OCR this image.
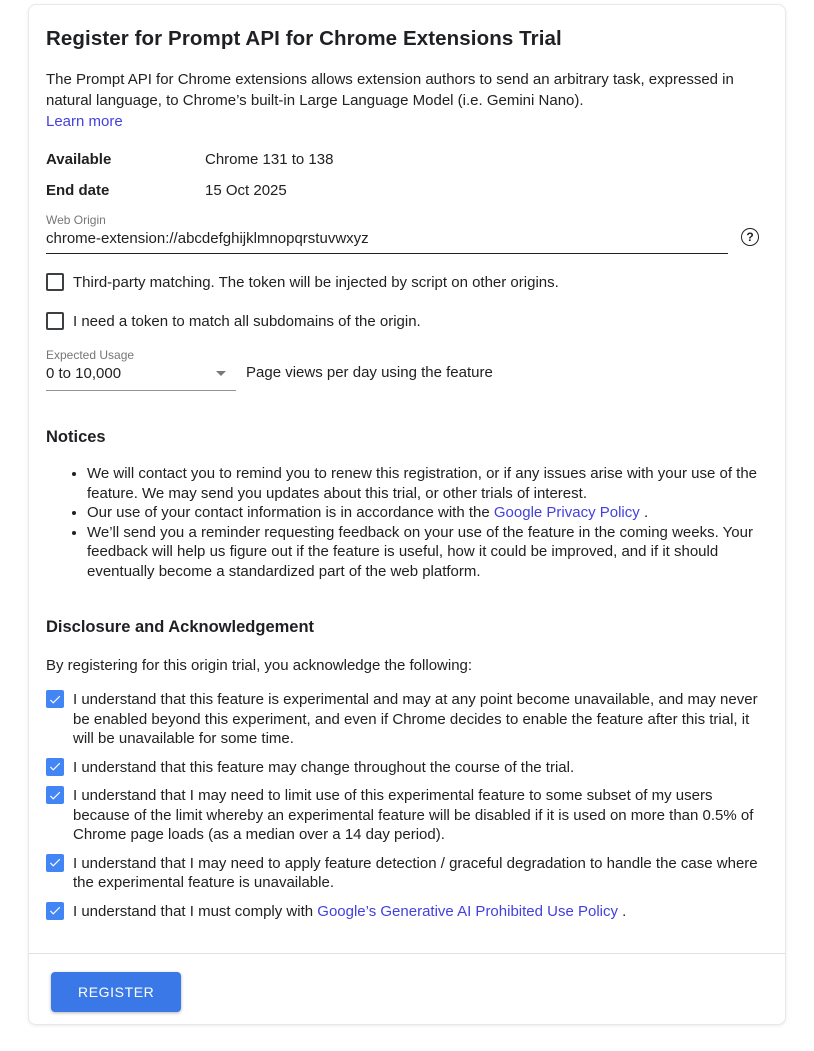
Register for Prompt API for Chrome Extensions Trial

The Prompt API for Chrome extensions allows extension authors to send an arbitrary task, expressed in natural language, to Chrome’s built-in Large Language Model (i.e. Gemini Nano).
Learn more

Available	Chrome 131 to 138
End date	15 Oct 2025
Web Origin
chrome-extension://abcdefghijklmnopqrstuvwxyz
?
Third-party matching. The token will be injected by script on other origins.
I need a token to match all subdomains of the origin.
Expected Usage
0 to 10,000	Page views per day using the feature
Notices
• We will contact you to remind you to renew this registration, or if any issues arise with your use of the feature. We may send you updates about this trial, or other trials of interest.
• Our use of your contact information is in accordance with the Google Privacy Policy .
• We’ll send you a reminder requesting feedback on your use of the feature in the coming weeks. Your feedback will help us figure out if the feature is useful, how it could be improved, and if it should eventually become a standardized part of the web platform.
Disclosure and Acknowledgement

By registering for this origin trial, you acknowledge the following:

I understand that this feature is experimental and may at any point become unavailable, and may never be enabled beyond this experiment, and even if Chrome decides to enable the feature after this trial, it will be unavailable for some time.
I understand that this feature may change throughout the course of the trial.
I understand that I may need to limit use of this experimental feature to some subset of my users because of the limit whereby an experimental feature will be disabled if it is used on more than 0.5% of Chrome page loads (as a median over a 14 day period).
I understand that I may need to apply feature detection / graceful degradation to handle the case where the experimental feature is unavailable.
I understand that I must comply with Google’s Generative AI Prohibited Use Policy .
REGISTER
